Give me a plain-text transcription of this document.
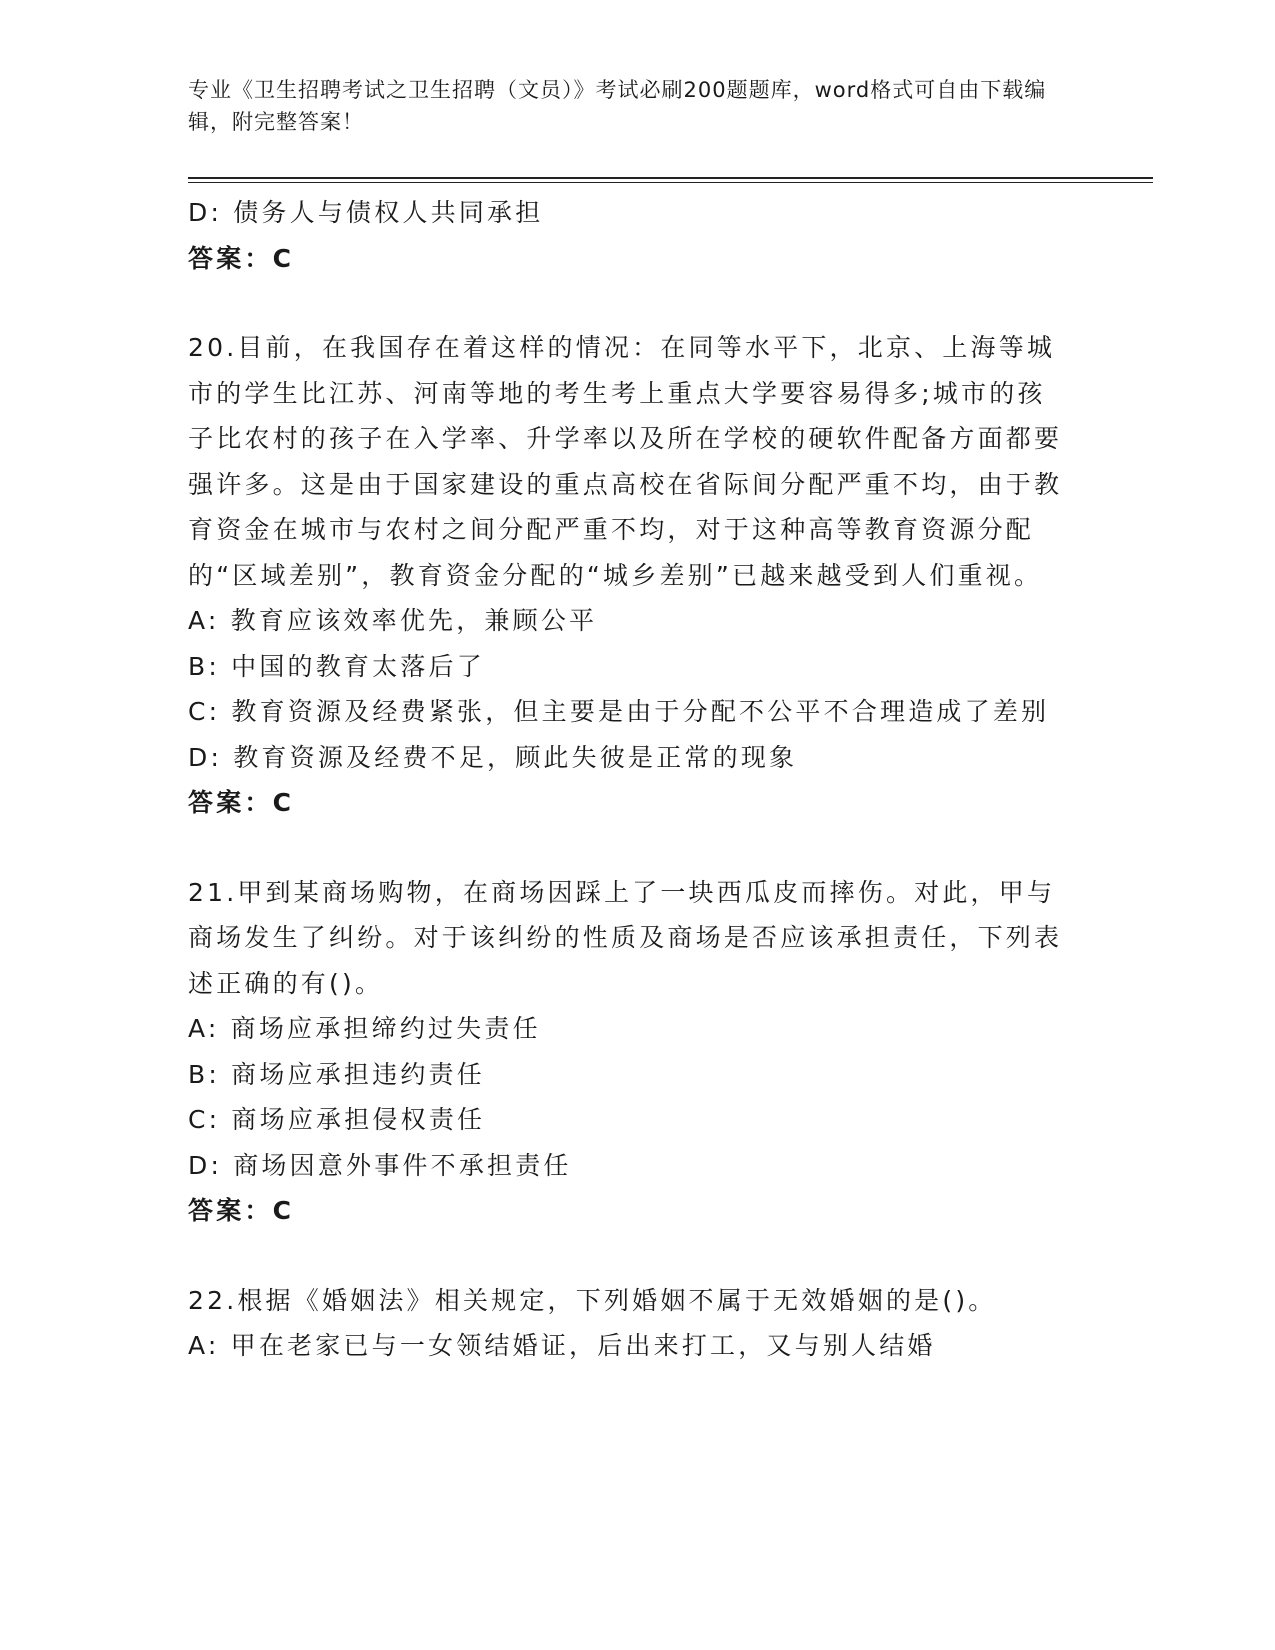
专业《卫生招聘考试之卫生招聘（文员）》考试必刷200题题库，word格式可自由下载编辑，附完整答案！
D: 债务人与债权人共同承担
答案：C
20.目前，在我国存在着这样的情况：在同等水平下，北京、上海等城市的学生比江苏、河南等地的考生考上重点大学要容易得多;城市的孩子比农村的孩子在入学率、升学率以及所在学校的硬软件配备方面都要强许多。这是由于国家建设的重点高校在省际间分配严重不均，由于教育资金在城市与农村之间分配严重不均，对于这种高等教育资源分配的“区域差别”，教育资金分配的“城乡差别”已越来越受到人们重视。
A: 教育应该效率优先，兼顾公平
B: 中国的教育太落后了
C: 教育资源及经费紧张，但主要是由于分配不公平不合理造成了差别
D: 教育资源及经费不足，顾此失彼是正常的现象
答案：C
21.甲到某商场购物，在商场因踩上了一块西瓜皮而摔伤。对此，甲与商场发生了纠纷。对于该纠纷的性质及商场是否应该承担责任，下列表述正确的有()。
A: 商场应承担缔约过失责任
B: 商场应承担违约责任
C: 商场应承担侵权责任
D: 商场因意外事件不承担责任
答案：C
22.根据《婚姻法》相关规定，下列婚姻不属于无效婚姻的是()。
A: 甲在老家已与一女领结婚证，后出来打工，又与别人结婚
